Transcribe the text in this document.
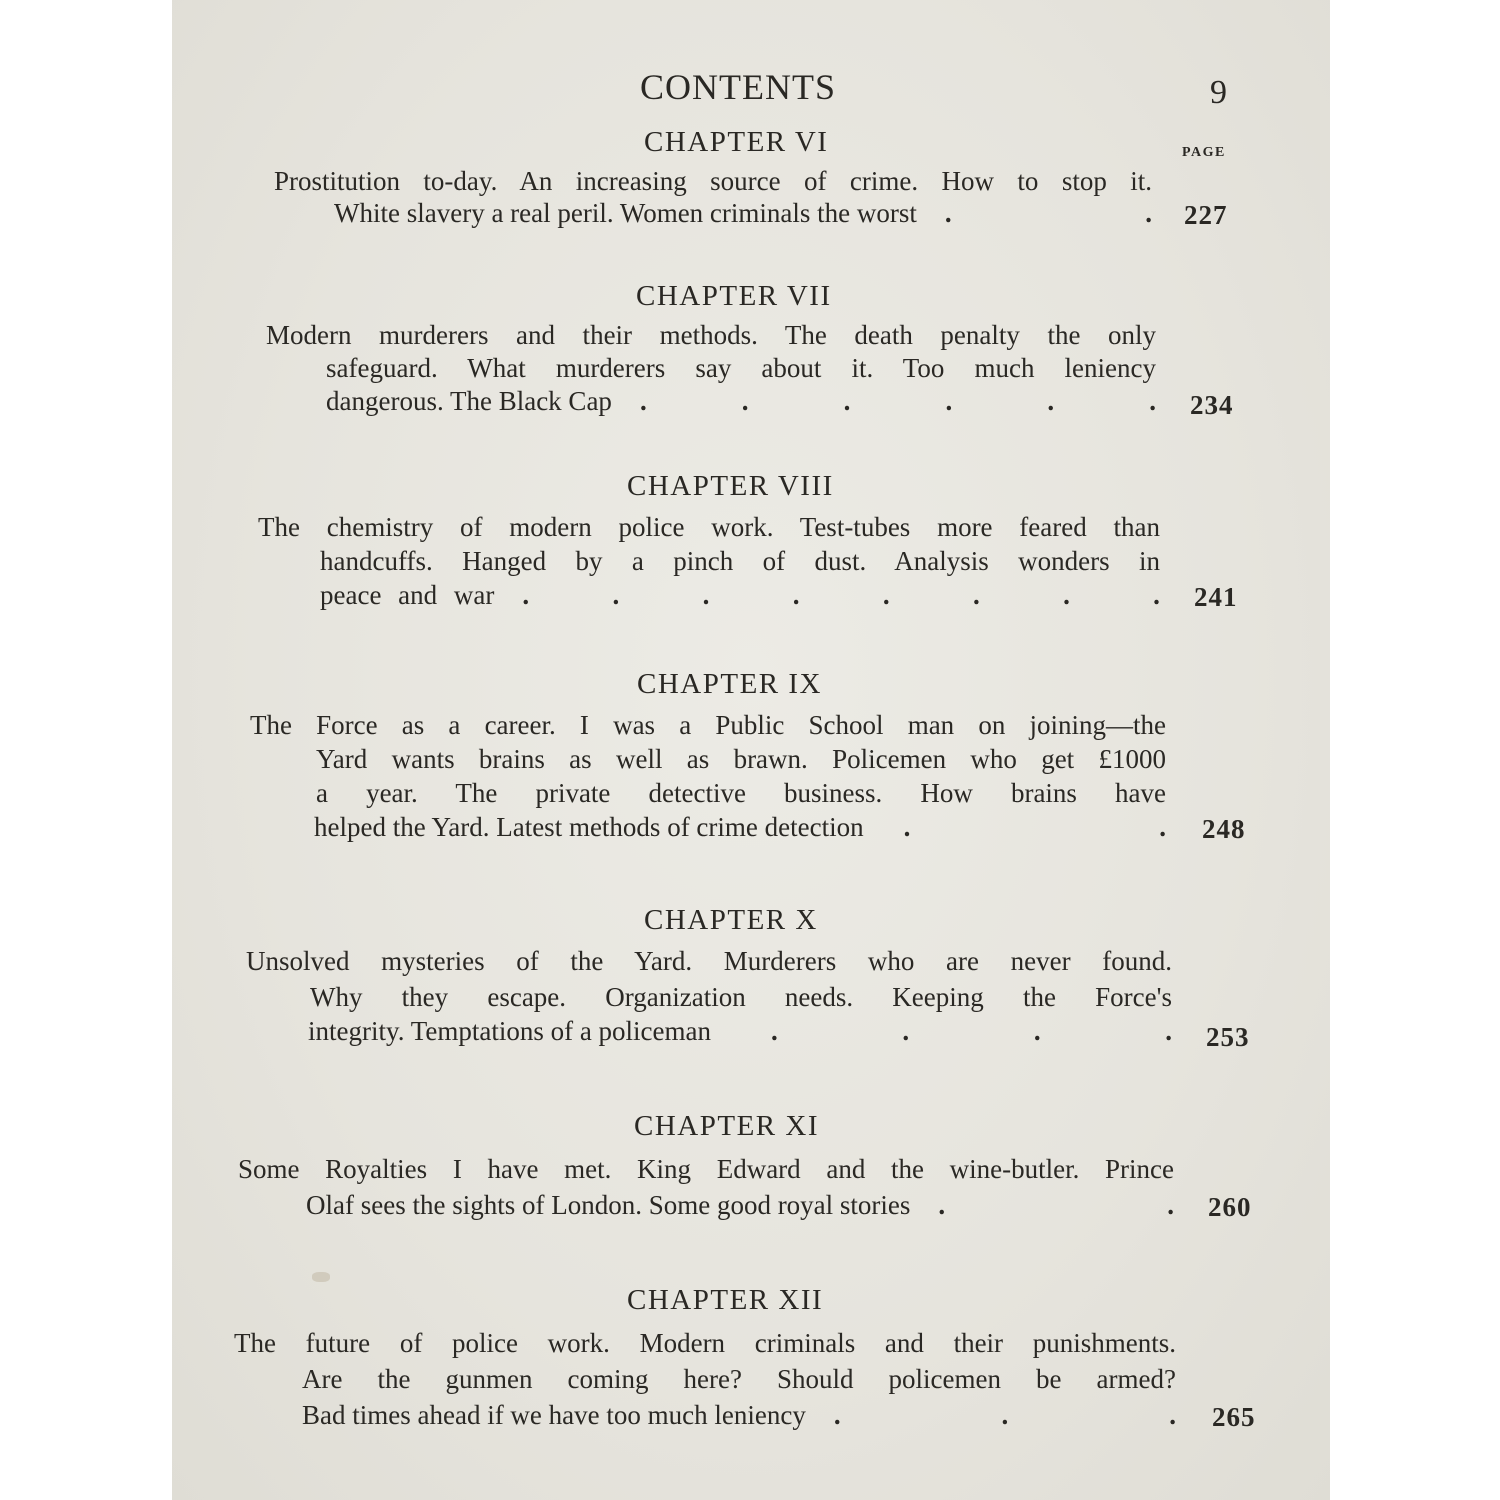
CONTENTS	9
PAGE
CHAPTER VI
Prostitution to-day. An increasing source of crime. How to stop it.
White slavery a real peril. Women criminals the worst .	. 227
CHAPTER VII
Modern murderers and their methods. The death penalty the only
safeguard. What murderers say about it. Too much leniency
dangerous. The Black Cap .	.	.	.	.	. 234
CHAPTER VIII
The chemistry of modern police work. Test-tubes more feared than
handcuffs. Hanged by a pinch of dust. Analysis wonders in
peace and war .	.	.	.	.	.	.	. 241
CHAPTER IX
The Force as a career. I was a Public School man on joining—the
Yard wants brains as well as brawn. Policemen who get £1000
a year. The private detective business. How brains have
helped the Yard. Latest methods of crime detection .	. 248
CHAPTER X
Unsolved mysteries of the Yard. Murderers who are never found.
Why they escape. Organization needs. Keeping the Force's
integrity. Temptations of a policeman .	.	.	. 253
CHAPTER XI
Some Royalties I have met. King Edward and the wine-butler. Prince
Olaf sees the sights of London. Some good royal stories .	. 260
CHAPTER XII
The future of police work. Modern criminals and their punishments.
Are the gunmen coming here? Should policemen be armed?
Bad times ahead if we have too much leniency .	.	. 265
